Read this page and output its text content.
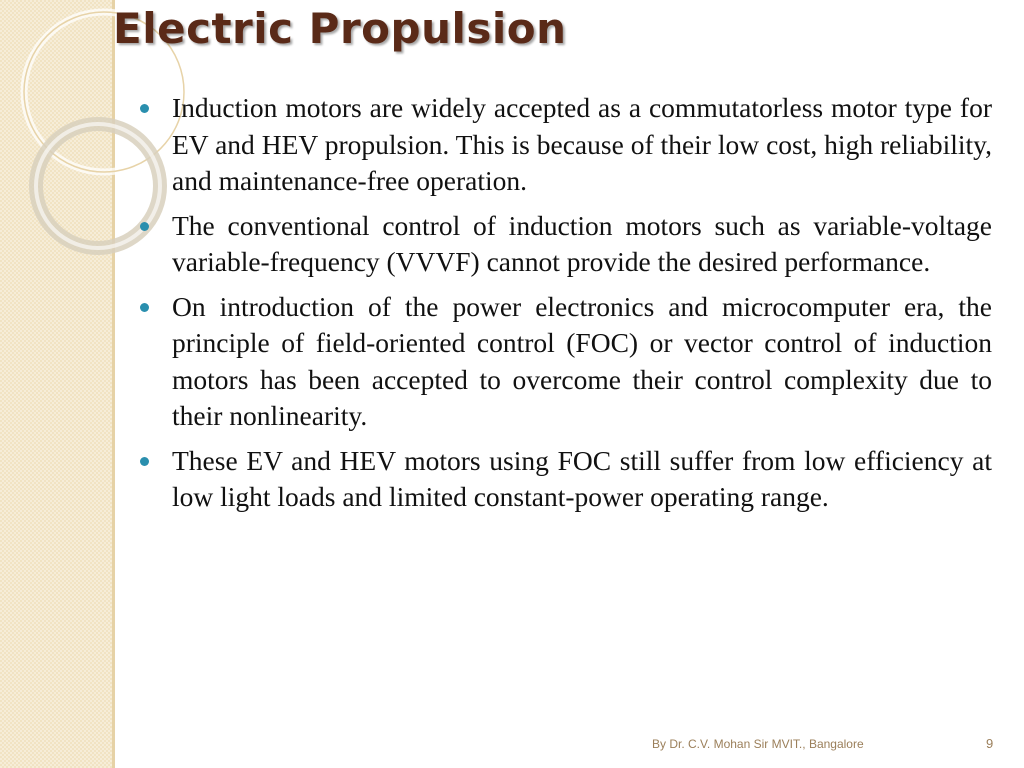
Electric Propulsion
Induction motors are widely accepted as a commutatorless motor type for EV and HEV propulsion. This is because of their low cost, high reliability, and maintenance-free operation.
The conventional control of induction motors such as variable-voltage variable-frequency (VVVF) cannot provide the desired performance.
On introduction of the power electronics and microcomputer era, the principle of field-oriented control (FOC) or vector control of induction motors has been accepted to overcome their control complexity due to their nonlinearity.
These EV and HEV motors using FOC still suffer from low efficiency at low light loads and limited constant-power operating range.
By Dr. C.V. Mohan Sir MVIT., Bangalore	9
